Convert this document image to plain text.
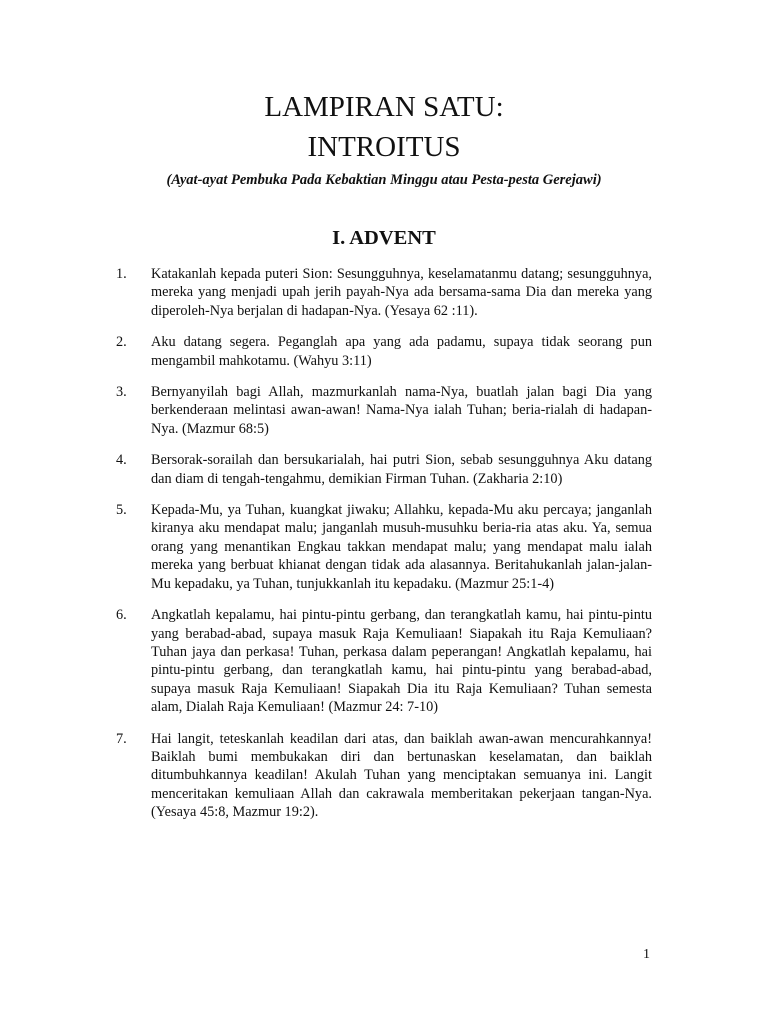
LAMPIRAN SATU:
INTROITUS
(Ayat-ayat Pembuka Pada Kebaktian Minggu atau Pesta-pesta Gerejawi)
I. ADVENT
1.	Katakanlah kepada puteri Sion: Sesungguhnya, keselamatanmu datang; sesungguhnya, mereka yang menjadi upah jerih payah-Nya ada bersama-sama Dia dan mereka yang diperoleh-Nya berjalan di hadapan-Nya. (Yesaya 62 :11).
2.	Aku datang segera. Peganglah apa yang ada padamu, supaya tidak seorang pun mengambil mahkotamu. (Wahyu 3:11)
3.	Bernyanyilah bagi Allah, mazmurkanlah nama-Nya, buatlah jalan bagi Dia yang berkenderaan melintasi awan-awan! Nama-Nya ialah Tuhan; beria-rialah di hadapan-Nya. (Mazmur 68:5)
4.	Bersorak-sorailah dan bersukarialah, hai putri Sion, sebab sesungguhnya Aku datang dan diam di tengah-tengahmu, demikian Firman Tuhan. (Zakharia 2:10)
5.	Kepada-Mu, ya Tuhan, kuangkat jiwaku; Allahku, kepada-Mu aku percaya; janganlah kiranya aku mendapat malu; janganlah musuh-musuhku beria-ria atas aku. Ya, semua orang yang menantikan Engkau takkan mendapat malu; yang mendapat malu ialah mereka yang berbuat khianat dengan tidak ada alasannya. Beritahukanlah jalan-jalan-Mu kepadaku, ya Tuhan, tunjukkanlah itu kepadaku. (Mazmur 25:1-4)
6.	Angkatlah kepalamu, hai pintu-pintu gerbang, dan terangkatlah kamu, hai pintu-pintu yang berabad-abad, supaya masuk Raja Kemuliaan! Siapakah itu Raja Kemuliaan? Tuhan jaya dan perkasa! Tuhan, perkasa dalam peperangan! Angkatlah kepalamu, hai pintu-pintu gerbang, dan terangkatlah kamu, hai pintu-pintu yang berabad-abad, supaya masuk Raja Kemuliaan! Siapakah Dia itu Raja Kemuliaan? Tuhan semesta alam, Dialah Raja Kemuliaan! (Mazmur 24: 7-10)
7.	Hai langit, teteskanlah keadilan dari atas, dan baiklah awan-awan mencurahkannya! Baiklah bumi membukakan diri dan bertunaskan keselamatan, dan baiklah ditumbuhkannya keadilan! Akulah Tuhan yang menciptakan semuanya ini. Langit menceritakan kemuliaan Allah dan cakrawala memberitakan pekerjaan tangan-Nya. (Yesaya 45:8, Mazmur 19:2).
1
